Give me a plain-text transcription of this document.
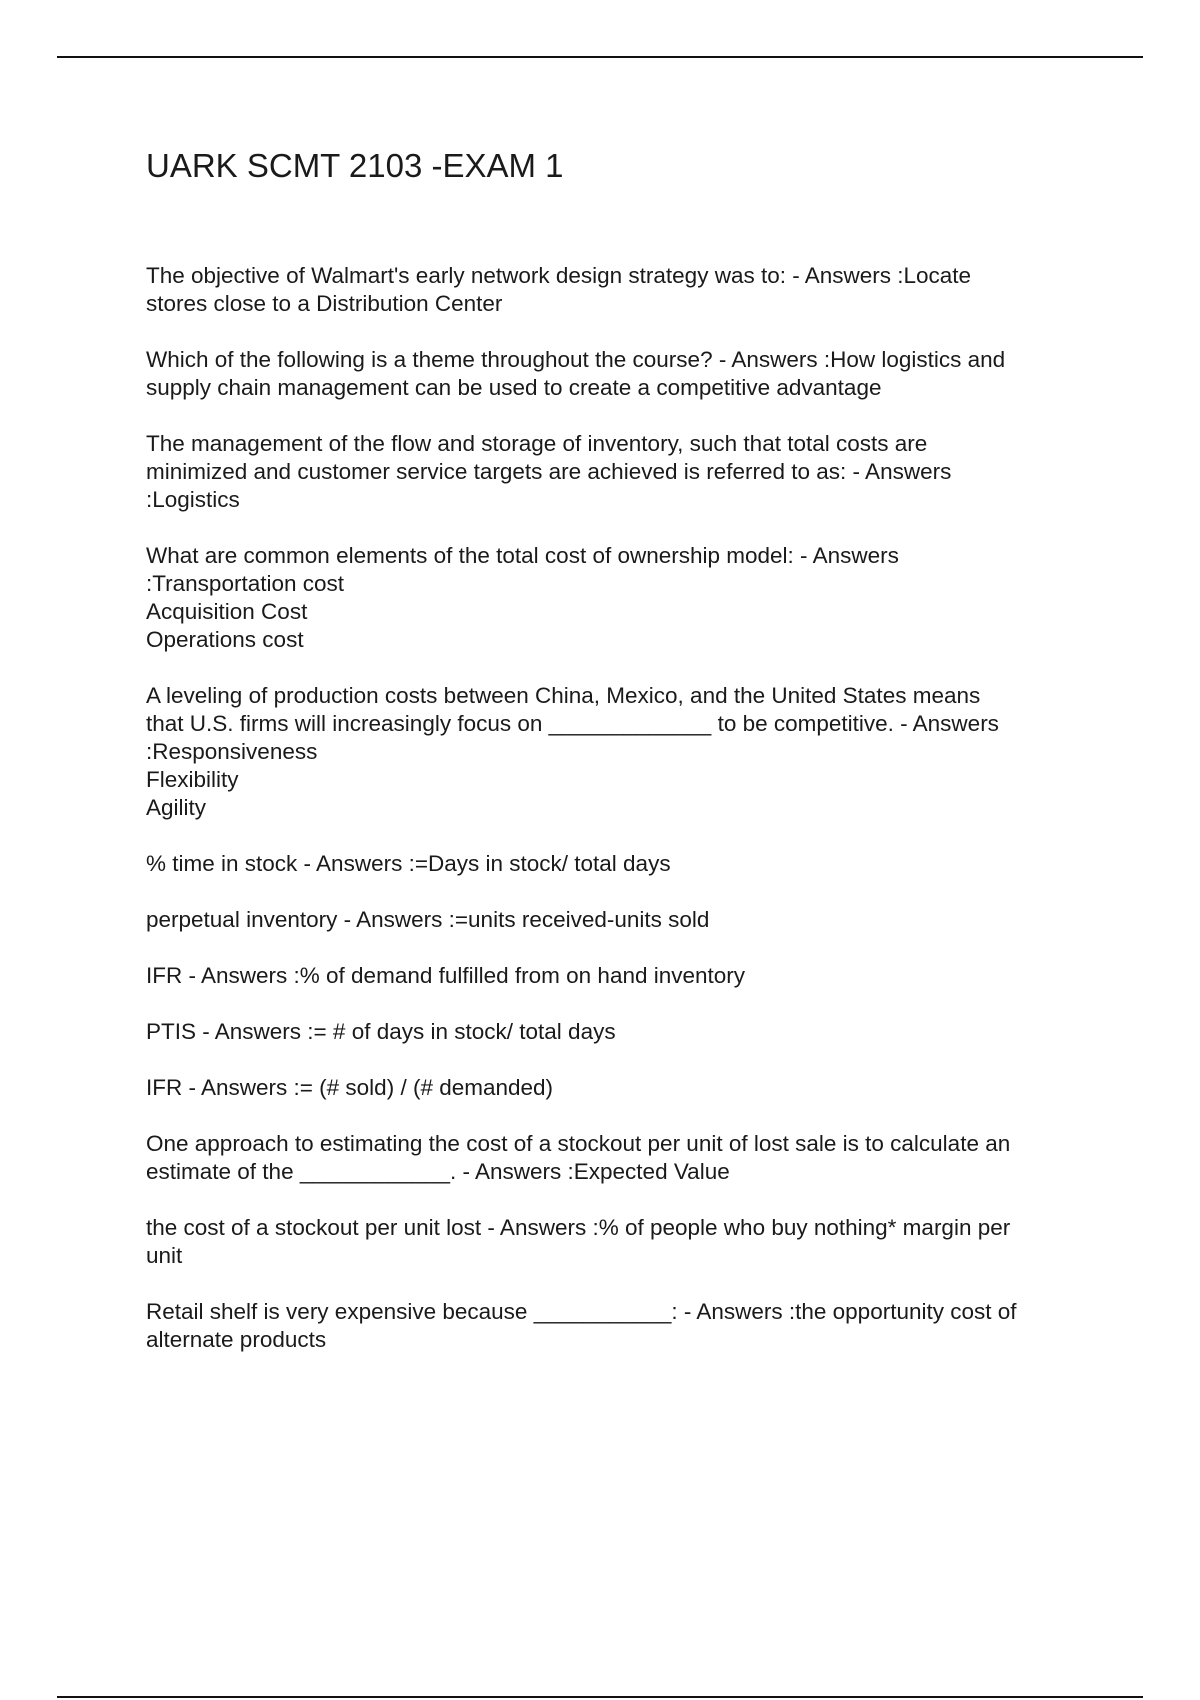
UARK SCMT 2103 -EXAM 1

The objective of Walmart's early network design strategy was to: - Answers :Locate
stores close to a Distribution Center

Which of the following is a theme throughout the course? - Answers :How logistics and
supply chain management can be used to create a competitive advantage

The management of the flow and storage of inventory, such that total costs are
minimized and customer service targets are achieved is referred to as: - Answers
:Logistics

What are common elements of the total cost of ownership model: - Answers
:Transportation cost
Acquisition Cost
Operations cost

A leveling of production costs between China, Mexico, and the United States means
that U.S. firms will increasingly focus on _____________ to be competitive. - Answers
:Responsiveness
Flexibility
Agility

% time in stock - Answers :=Days in stock/ total days

perpetual inventory - Answers :=units received-units sold

IFR - Answers :% of demand fulfilled from on hand inventory

PTIS - Answers := # of days in stock/ total days

IFR - Answers := (# sold) / (# demanded)

One approach to estimating the cost of a stockout per unit of lost sale is to calculate an
estimate of the ____________. - Answers :Expected Value

the cost of a stockout per unit lost - Answers :% of people who buy nothing* margin per
unit

Retail shelf is very expensive because ___________: - Answers :the opportunity cost of
alternate products
